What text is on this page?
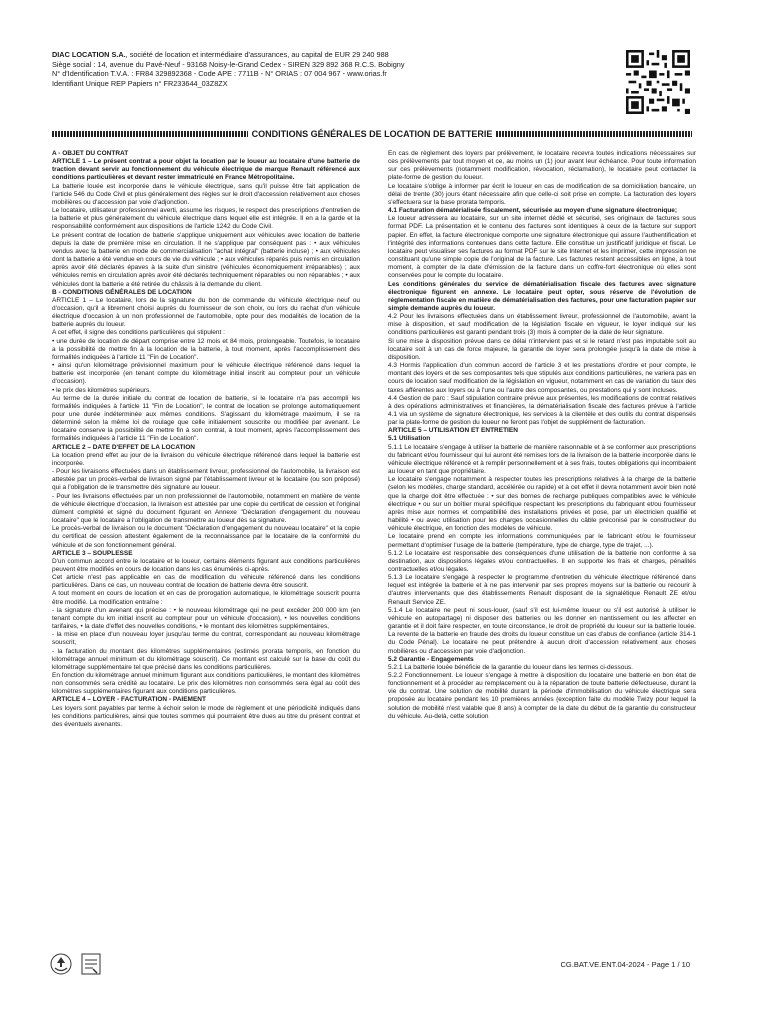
DIAC LOCATION S.A., société de location et intermédiaire d'assurances, au capital de EUR 29 240 988
Siège social : 14, avenue du Pavé-Neuf - 93168 Noisy-le-Grand Cedex - SIREN 329 892 368 R.C.S. Bobigny
N° d'Identification T.V.A. : FR84 329892368 - Code APE : 7711B - N° ORIAS : 07 004 967 - www.orias.fr
Identifiant Unique REP Papiers n° FR233644_03Z8ZX
CONDITIONS GÉNÉRALES DE LOCATION DE BATTERIE

A - OBJET DU CONTRAT

ARTICLE 1 – Le présent contrat a pour objet la location par le loueur au locataire d'une batterie de traction devant servir au fonctionnement du véhicule électrique de marque Renault référencé aux conditions particulières et devant rester immatriculé en France Métropolitaine.

La batterie louée est incorporée dans le véhicule électrique, sans qu'il puisse être fait application de l'article 546 du Code Civil et plus généralement des règles sur le droit d'accession relativement aux choses mobilières ou d'accession par voie d'adjonction.

Le locataire, utilisateur professionnel averti, assume les risques, le respect des prescriptions d'entretien de la batterie et plus généralement du véhicule électrique dans lequel elle est intégrée. Il en a la garde et la responsabilité conformément aux dispositions de l'article 1242 du Code Civil.

Le présent contrat de location de batterie s'applique uniquement aux véhicules avec location de batterie depuis la date de première mise en circulation. Il ne s'applique par conséquent pas : • aux véhicules vendus avec la batterie en mode de commercialisation "achat intégral" (batterie incluse) ; • aux véhicules dont la batterie a été vendue en cours de vie du véhicule ; • aux véhicules réparés puis remis en circulation après avoir été déclarés épaves à la suite d'un sinistre (véhicules économiquement irréparables) ; aux véhicules remis en circulation après avoir été déclarés techniquement réparables ou non réparables ; • aux véhicules dont la batterie a été retirée du châssis à la demande du client.

B - CONDITIONS GÉNÉRALES DE LOCATION

ARTICLE 1 – Le locataire, lors de la signature du bon de commande du véhicule électrique neuf ou d'occasion, qu'il a librement choisi auprès du fournisseur de son choix, ou lors du rachat d'un véhicule électrique d'occasion à un non professionnel de l'automobile, opte pour des modalités de location de la batterie auprès du loueur.

A cet effet, il signe des conditions particulières qui stipulent :

• une durée de location de départ comprise entre 12 mois et 84 mois, prolongeable. Toutefois, le locataire a la possibilité de mettre fin à la location de la batterie, à tout moment, après l'accomplissement des formalités indiquées à l'article 11 "Fin de Location".

• ainsi qu'un kilométrage prévisionnel maximum pour le véhicule électrique référencé dans lequel la batterie est incorporée (en tenant compte du kilométrage initial inscrit au compteur pour un véhicule d'occasion).

• le prix des kilomètres supérieurs.

Au terme de la durée initiale du contrat de location de batterie, si le locataire n'a pas accompli les formalités indiquées à l'article 11 "Fin de Location", le contrat de location se prolonge automatiquement pour une durée indéterminée aux mêmes conditions. S'agissant du kilométrage maximum, il se ra déterminé selon la même loi de roulage que celle initialement souscrite ou modifiée par avenant. Le locataire conserve la possibilité de mettre fin à son contrat, à tout moment, après l'accomplissement des formalités indiquées à l'article 11 "Fin de Location".

ARTICLE 2 – DATE D'EFFET DE LA LOCATION

La location prend effet au jour de la livraison du véhicule électrique référencé dans lequel la batterie est incorporée.

- Pour les livraisons effectuées dans un établissement livreur, professionnel de l'automobile, la livraison est attestée par un procès-verbal de livraison signé par l'établissement livreur et le locataire (ou son préposé) qui a l'obligation de le transmettre dès signature au loueur.

- Pour les livraisons effectuées par un non professionnel de l'automobile, notamment en matière de vente de véhicule électrique d'occasion, la livraison est attestée par une copie du certificat de cession et l'original dûment complété et signé du document figurant en Annexe "Déclaration d'engagement du nouveau locataire" que le locataire a l'obligation de transmettre au loueur dès sa signature.

Le procès-verbal de livraison ou le document "Déclaration d'engagement du nouveau locataire" et la copie du certificat de cession attestent également de la reconnaissance par le locataire de la conformité du véhicule et de son fonctionnement général.

ARTICLE 3 – SOUPLESSE

D'un commun accord entre le locataire et le loueur, certains éléments figurant aux conditions particulières peuvent être modifiés en cours de location dans les cas énumérés ci-après.

Cet article n'est pas applicable en cas de modification du véhicule référencé dans les conditions particulières. Dans ce cas, un nouveau contrat de location de batterie devra être souscrit.

A tout moment en cours de location et en cas de prorogation automatique, le kilométrage souscrit pourra être modifié. La modification entraîne :

- la signature d'un avenant qui précise : • le nouveau kilométrage qui ne peut excéder 200 000 km (en tenant compte du km initial inscrit au compteur pour un véhicule d'occasion), • les nouvelles conditions tarifaires, • la date d'effet des nouvelles conditions, • le montant des kilomètres supplémentaires,

- la mise en place d'un nouveau loyer jusqu'au terme du contrat, correspondant au nouveau kilométrage souscrit,

- la facturation du montant des kilomètres supplémentaires (estimés prorata temporis, en fonction du kilométrage annuel minimum et du kilométrage souscrit). Ce montant est calculé sur la base du coût du kilométrage supplémentaire tel que précisé dans les conditions particulières.

En fonction du kilométrage annuel minimum figurant aux conditions particulières, le montant des kilomètres non consommés sera crédité au locataire. Le prix des kilomètres non consommés sera égal au coût des kilomètres supplémentaires figurant aux conditions particulières.

ARTICLE 4 – LOYER - FACTURATION - PAIEMENT

Les loyers sont payables par terme à échoir selon le mode de règlement et une périodicité indiqués dans les conditions particulières, ainsi que toutes sommes qui pourraient être dues au titre du présent contrat et des éventuels avenants.

En cas de règlement des loyers par prélèvement, le locataire recevra toutes indications nécessaires sur ces prélèvements par tout moyen et ce, au moins un (1) jour avant leur échéance. Pour toute information sur ces prélèvements (notamment modification, révocation, réclamation), le locataire peut contacter la plate-forme de gestion du loueur.

Le locataire s'oblige à informer par écrit le loueur en cas de modification de sa domiciliation bancaire, un délai de trente (30) jours étant nécessaire afin que celle-ci soit prise en compte. La facturation des loyers s'effectuera sur la base prorata temporis.

4.1 Facturation dématérialisée fiscalement, sécurisée au moyen d'une signature électronique;

Le loueur adressera au locataire, sur un site internet dédié et sécurisé, ses originaux de factures sous format PDF. La présentation et le contenu des factures sont identiques à ceux de la facture sur support papier. En effet, la facture électronique comporte une signature électronique qui assure l'authentification et l'intégrité des informations contenues dans cette facture. Elle constitue un justificatif juridique et fiscal. Le locataire peut visualiser ses factures au format PDF sur le site Internet et les imprimer, cette impression ne constituant qu'une simple copie de l'original de la facture. Les factures restent accessibles en ligne, à tout moment, à compter de la date d'émission de la facture dans un coffre-fort électronique où elles sont conservées pour le compte du locataire.

Les conditions générales du service de dématérialisation fiscale des factures avec signature électronique figurent en annexe. Le locataire peut opter, sous réserve de l'évolution de réglementation fiscale en matière de dématérialisation des factures, pour une facturation papier sur simple demande auprès du loueur.

4.2 Pour les livraisons effectuées dans un établissement livreur, professionnel de l'automobile, avant la mise à disposition, et sauf modification de la législation fiscale en vigueur, le loyer indiqué sur les conditions particulières est garanti pendant trois (3) mois à compter de la date de leur signature.

Si une mise à disposition prévue dans ce délai n'intervient pas et si le retard n'est pas imputable soit au locataire soit à un cas de force majeure, la garantie de loyer sera prolongée jusqu'à la date de mise à disposition.

4.3 Hormis l'application d'un commun accord de l'article 3 et les prestations d'ordre et pour compte, le montant des loyers et de ses composantes tels que stipulés aux conditions particulières, ne variera pas en cours de location sauf modification de la législation en vigueur, notamment en cas de variation du taux des taxes afférentes aux loyers ou à l'une ou l'autre des composantes, ou prestations qui y sont incluses.

4.4 Gestion de parc : Sauf stipulation contraire prévue aux présentes, les modifications de contrat relatives à des opérations administratives et financières, la dématérialisation fiscale des factures prévue à l'article 4.1 via un système de signature électronique, les services à la clientèle et des outils du contrat dispensés par la plate-forme de gestion du loueur ne feront pas l'objet de supplément de facturation.

ARTICLE 5 – UTILISATION ET ENTRETIEN

5.1 Utilisation

5.1.1 Le locataire s'engage à utiliser la batterie de manière raisonnable et à se conformer aux prescriptions du fabricant et/ou fournisseur qui lui auront été remises lors de la livraison de la batterie incorporée dans le véhicule électrique référencé et à remplir personnellement et à ses frais, toutes obligations qui incombaient au loueur en tant que propriétaire.

Le locataire s'engage notamment à respecter toutes les prescriptions relatives à la charge de la batterie (selon les modèles, charge standard, accélérée ou rapide) et à cet effet il devra notamment avoir bien noté que la charge doit être effectuée : • sur des bornes de recharge publiques compatibles avec le véhicule électrique • ou sur un boîtier mural spécifique respectant les prescriptions du fabriquant et/ou fournisseur après mise aux normes et compatibilité des installations privées et pose, par un électricien qualifié et habilité • ou avec utilisation pour les charges occasionnelles du câble préconisé par le constructeur du véhicule électrique, en fonction des modèles de véhicule.

Le locataire prend en compte les informations communiquées par le fabricant et/ou le fournisseur permettant d'optimiser l'usage de la batterie (température, type de charge, type de trajet, ...).

5.1.2 Le locataire est responsable des conséquences d'une utilisation de la batterie non conforme à sa destination, aux dispositions légales et/ou contractuelles. Il en supporte les frais et charges, pénalités contractuelles et/ou légales.

5.1.3 Le locataire s'engage à respecter le programme d'entretien du véhicule électrique référencé dans lequel est intégrée la batterie et à ne pas intervenir par ses propres moyens sur la batterie ou recourir à d'autres intervenants que des établissements Renault disposant de la signalétique Renault ZE et/ou Renault Service ZE.

5.1.4 Le locataire ne peut ni sous-louer, (sauf s'il est lui-même loueur ou s'il est autorisé à utiliser le véhicule en autopartage) ni disposer des batteries ou les donner en nantissement ou les affecter en garantie et il doit faire respecter, en toute circonstance, le droit de propriété du loueur sur la batterie louée. La revente de la batterie en fraude des droits du loueur constitue un cas d'abus de confiance (article 314-1 du Code Pénal). Le locataire ne peut prétendre à aucun droit d'accession relativement aux choses mobilières ou d'accession par voie d'adjonction.

5.2 Garantie - Engagements

5.2.1 La batterie louée bénéficie de la garantie du loueur dans les termes ci-dessous.

5.2.2 Fonctionnement. Le loueur s'engage à mettre à disposition du locataire une batterie en bon état de fonctionnement et à procéder au remplacement ou à la réparation de toute batterie défectueuse, durant la vie du contrat. Une solution de mobilité durant la période d'immobilisation du véhicule électrique sera proposée au locataire pendant les 10 premières années (exception faite du modèle Twizy pour lequel la solution de mobilité n'est valable que 8 ans) à compter de la date du début de la garantie du constructeur du véhicule. Au-delà, cette solution

CG.BAT.VE.ENT.04-2024 - Page 1 / 10
